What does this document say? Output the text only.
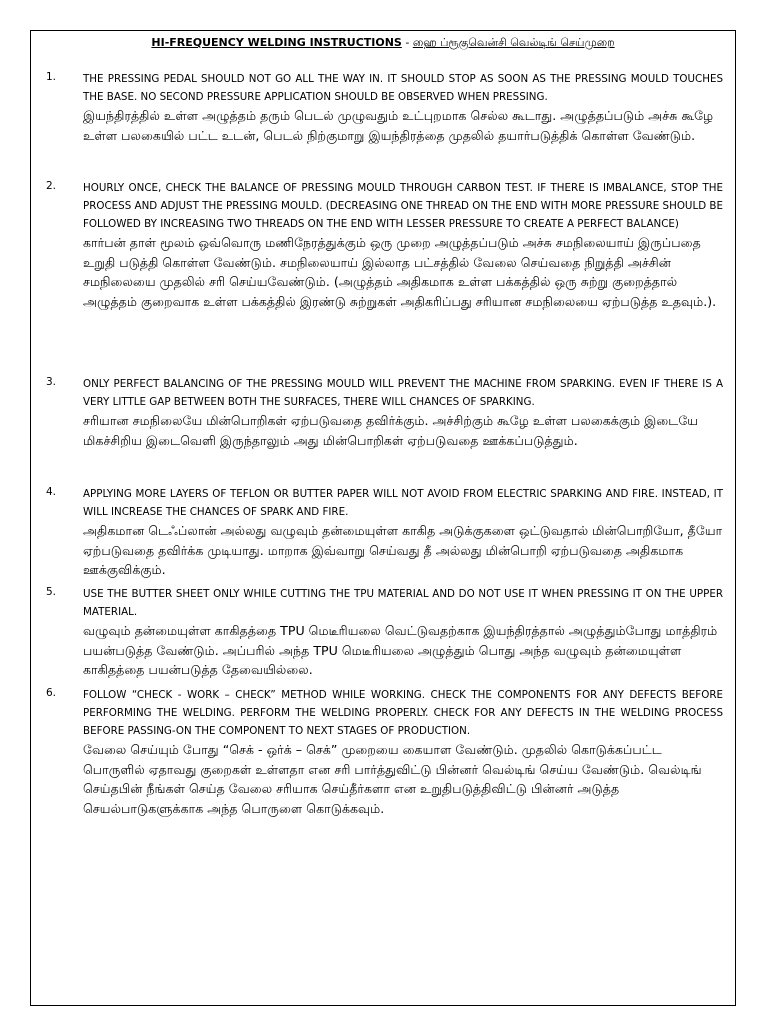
HI-FREQUENCY WELDING INSTRUCTIONS - ஹை ப்ரூகுவென்சி வெல்டிங் செய்முறை
1.	THE PRESSING PEDAL SHOULD NOT GO ALL THE WAY IN. IT SHOULD STOP AS SOON AS THE PRESSING MOULD TOUCHES THE BASE. NO SECOND PRESSURE APPLICATION SHOULD BE OBSERVED WHEN PRESSING.

இயந்திரத்தில் உள்ள அழுத்தம் தரும் பெடல் முழுவதும் உட்புறமாக செல்ல கூடாது. அழுத்தப்படும் அச்சு கூழே உள்ள பலகையில் பட்ட உடன், பெடல் நிற்குமாறு இயந்திரத்தை முதலில் தயார்படுத்திக் கொள்ள வேண்டும்.

2.	HOURLY ONCE, CHECK THE BALANCE OF PRESSING MOULD THROUGH CARBON TEST. IF THERE IS IMBALANCE, STOP THE PROCESS AND ADJUST THE PRESSING MOULD. (DECREASING ONE THREAD ON THE END WITH MORE PRESSURE SHOULD BE FOLLOWED BY INCREASING TWO THREADS ON THE END WITH LESSER PRESSURE TO CREATE A PERFECT BALANCE)

கார்பன் தாள் மூலம் ஒவ்வொரு மணிநேரத்துக்கும் ஒரு முறை அழுத்தப்படும் அச்சு சமநிலையாய் இருப்பதை உறுதி படுத்தி கொள்ள வேண்டும். சமநிலையாய் இல்லாத பட்சத்தில் வேலை செய்வதை நிறுத்தி அச்சின் சமநிலையை முதலில் சரி செய்யவேண்டும். (அழுத்தம் அதிகமாக உள்ள பக்கத்தில் ஒரு சுற்று குறைத்தால் அழுத்தம் குறைவாக உள்ள பக்கத்தில் இரண்டு சுற்றுகள் அதிகரிப்பது சரியான சமநிலையை ஏற்படுத்த உதவும்.).

3.	ONLY PERFECT BALANCING OF THE PRESSING MOULD WILL PREVENT THE MACHINE FROM SPARKING. EVEN IF THERE IS A VERY LITTLE GAP BETWEEN BOTH THE SURFACES, THERE WILL CHANCES OF SPARKING.

சரியான சமநிலையே மின்பொறிகள் ஏற்படுவதை தவிர்க்கும். அச்சிற்கும் கூழே உள்ள பலகைக்கும் இடையே மிகச்சிறிய இடைவெளி இருந்தாலும் அது மின்பொறிகள் ஏற்படுவதை ஊக்கப்படுத்தும்.

4.	APPLYING MORE LAYERS OF TEFLON OR BUTTER PAPER WILL NOT AVOID FROM ELECTRIC SPARKING AND FIRE. INSTEAD, IT WILL INCREASE THE CHANCES OF SPARK AND FIRE.

அதிகமான டெஃப்லான் அல்லது வழுவும் தன்மையுள்ள காகித அடுக்குகளை ஒட்டுவதால் மின்பொறியோ, தீயோ ஏற்படுவதை தவிர்க்க முடியாது. மாறாக இவ்வாறு செய்வது தீ அல்லது மின்பொறி ஏற்படுவதை அதிகமாக ஊக்குவிக்கும்.

5.	USE THE BUTTER SHEET ONLY WHILE CUTTING THE TPU MATERIAL AND DO NOT USE IT WHEN PRESSING IT ON THE UPPER MATERIAL.

வழுவும் தன்மையுள்ள காகிதத்தை TPU மெடீரியலை வெட்டுவதற்காக இயந்திரத்தால் அழுத்தும்போது மாத்திரம் பயன்படுத்த வேண்டும். அப்பரில் அந்த TPU மெடீரியலை அழுத்தும் பொது அந்த வழுவும் தன்மையுள்ள காகிதத்தை பயன்படுத்த தேவையில்லை.

6.	FOLLOW “CHECK - WORK – CHECK” METHOD WHILE WORKING. CHECK THE COMPONENTS FOR ANY DEFECTS BEFORE PERFORMING THE WELDING. PERFORM THE WELDING PROPERLY. CHECK FOR ANY DEFECTS IN THE WELDING PROCESS BEFORE PASSING-ON THE COMPONENT TO NEXT STAGES OF PRODUCTION.

வேலை செய்யும் போது “செக் - ஒர்க் – செக்” முறையை கையாள வேண்டும். முதலில் கொடுக்கப்பட்ட பொருளில் ஏதாவது குறைகள் உள்ளதா என சரி பார்த்துவிட்டு பின்னர் வெல்டிங் செய்ய வேண்டும். வெல்டிங் செய்தபின் நீங்கள் செய்த வேலை சரியாக செய்தீர்களா என உறுதிபடுத்திவிட்டு பின்னர் அடுத்த செயல்பாடுகளுக்காக அந்த பொருளை கொடுக்கவும்.
